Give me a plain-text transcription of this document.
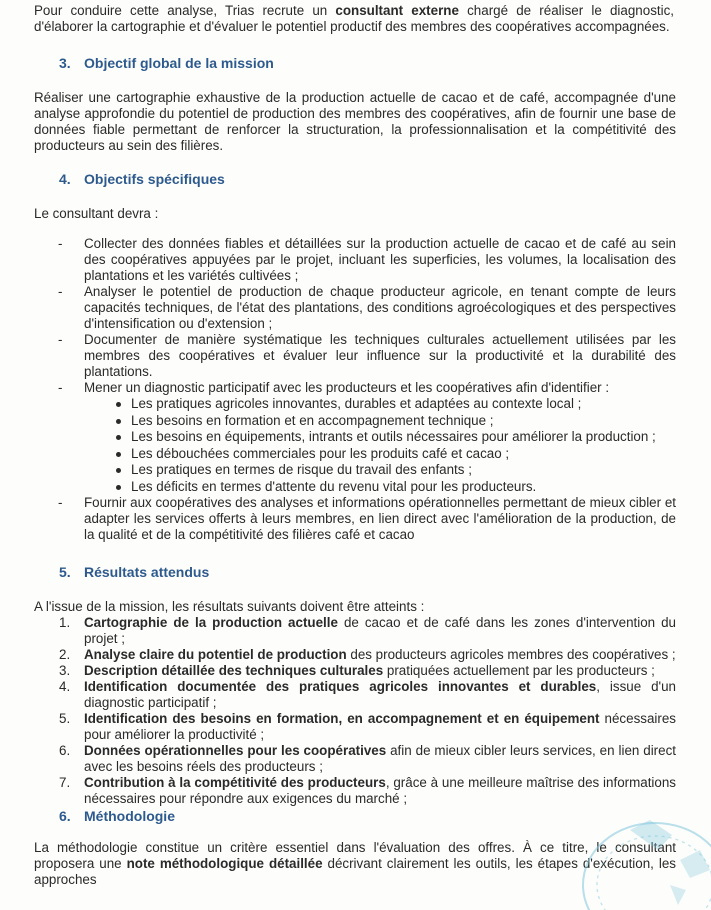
Pour conduire cette analyse, Trias recrute un consultant externe chargé de réaliser le diagnostic, d'élaborer la cartographie et d'évaluer le potentiel productif des membres des coopératives accompagnées.

3. Objectif global de la mission

Réaliser une cartographie exhaustive de la production actuelle de cacao et de café, accompagnée d'une analyse approfondie du potentiel de production des membres des coopératives, afin de fournir une base de données fiable permettant de renforcer la structuration, la professionnalisation et la compétitivité des producteurs au sein des filières.

4. Objectifs spécifiques

Le consultant devra :

- Collecter des données fiables et détaillées sur la production actuelle de cacao et de café au sein des coopératives appuyées par le projet, incluant les superficies, les volumes, la localisation des plantations et les variétés cultivées ;
- Analyser le potentiel de production de chaque producteur agricole, en tenant compte de leurs capacités techniques, de l'état des plantations, des conditions agroécologiques et des perspectives d'intensification ou d'extension ;
- Documenter de manière systématique les techniques culturales actuellement utilisées par les membres des coopératives et évaluer leur influence sur la productivité et la durabilité des plantations.
- Mener un diagnostic participatif avec les producteurs et les coopératives afin d'identifier :
Les pratiques agricoles innovantes, durables et adaptées au contexte local ;
Les besoins en formation et en accompagnement technique ;
Les besoins en équipements, intrants et outils nécessaires pour améliorer la production ;
Les débouchées commerciales pour les produits café et cacao ;
Les pratiques en termes de risque du travail des enfants ;
Les déficits en termes d'attente du revenu vital pour les producteurs.
- Fournir aux coopératives des analyses et informations opérationnelles permettant de mieux cibler et adapter les services offerts à leurs membres, en lien direct avec l'amélioration de la production, de la qualité et de la compétitivité des filières café et cacao
5. Résultats attendus

A l'issue de la mission, les résultats suivants doivent être atteints :

1. Cartographie de la production actuelle de cacao et de café dans les zones d'intervention du projet ;
2. Analyse claire du potentiel de production des producteurs agricoles membres des coopératives ;
3. Description détaillée des techniques culturales pratiquées actuellement par les producteurs ;
4. Identification documentée des pratiques agricoles innovantes et durables, issue d'un diagnostic participatif ;
5. Identification des besoins en formation, en accompagnement et en équipement nécessaires pour améliorer la productivité ;
6. Données opérationnelles pour les coopératives afin de mieux cibler leurs services, en lien direct avec les besoins réels des producteurs ;
7. Contribution à la compétitivité des producteurs, grâce à une meilleure maîtrise des informations nécessaires pour répondre aux exigences du marché ;
6. Méthodologie

La méthodologie constitue un critère essentiel dans l'évaluation des offres. À ce titre, le consultant proposera une note méthodologique détaillée décrivant clairement les outils, les étapes d'exécution, les approches
